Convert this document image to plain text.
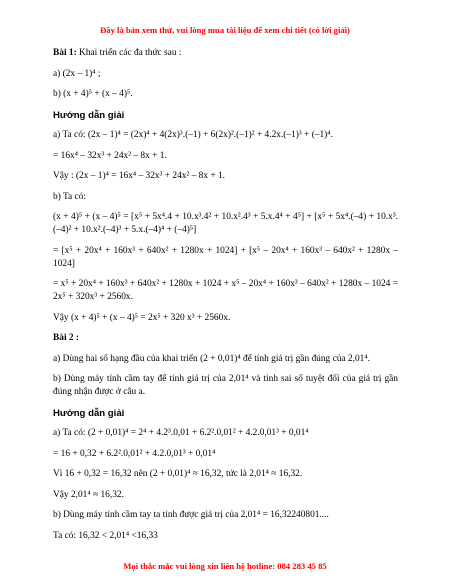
Đây là bản xem thử, vui lòng mua tài liệu để xem chi tiết (có lời giải)
Bài 1: Khai triển các đa thức sau :
a) (2x – 1)⁴ ;
b) (x + 4)⁵ + (x – 4)⁵.
Hướng dẫn giải
a) Ta có: (2x – 1)⁴ = (2x)⁴ + 4(2x)³.(–1) + 6(2x)².(–1)² + 4.2x.(–1)³ + (–1)⁴.
= 16x⁴ – 32x³ + 24x² – 8x + 1.
Vậy : (2x – 1)⁴ = 16x⁴ – 32x³ + 24x² – 8x + 1.
b) Ta có:
(x + 4)⁵ + (x – 4)⁵ = [x⁵ + 5x⁴.4 + 10.x³.4² + 10.x².4³ + 5.x.4⁴ + 4⁵] + [x⁵ + 5x⁴.(–4) + 10.x³.(–4)² + 10.x².(–4)³ + 5.x.(–4)⁴ + (–4)⁵]
= [x⁵ + 20x⁴ + 160x³ + 640x² + 1280x + 1024] + [x⁵ – 20x⁴ + 160x³ – 640x² + 1280x –1024]
= x⁵ + 20x⁴ + 160x³ + 640x² + 1280x + 1024 + x⁵ – 20x⁴ + 160x³ – 640x² + 1280x – 1024 = 2x⁵ + 320x³ + 2560x.
Vậy (x + 4)⁵ + (x – 4)⁵ = 2x⁵ + 320 x³ + 2560x.
Bài 2 :
a) Dùng hai số hạng đầu của khai triển (2 + 0,01)⁴ để tính giá trị gần đúng của 2,01⁴.
b) Dùng máy tính cầm tay để tính giá trị của 2,01⁴ và tính sai số tuyệt đối của giá trị gần đúng nhận được ở câu a.
Hướng dẫn giải
a) Ta có: (2 + 0,01)⁴ = 2⁴ + 4.2³.0,01 + 6.2².0,01² + 4.2.0,01³ + 0,01⁴
= 16 + 0,32 + 6.2².0,01² + 4.2.0,01³ + 0,01⁴
Vì 16 + 0,32 = 16,32 nên (2 + 0,01)⁴ ≈ 16,32, tức là 2,01⁴ ≈ 16,32.
Vậy 2,01⁴ ≈ 16,32.
b) Dùng máy tính cầm tay ta tính được giá trị của 2,01⁴ = 16,32240801....
Ta có: 16,32 < 2,01⁴ <16,33
Mọi thắc mắc vui lòng xin liên hệ hotline: 084 283 45 85
